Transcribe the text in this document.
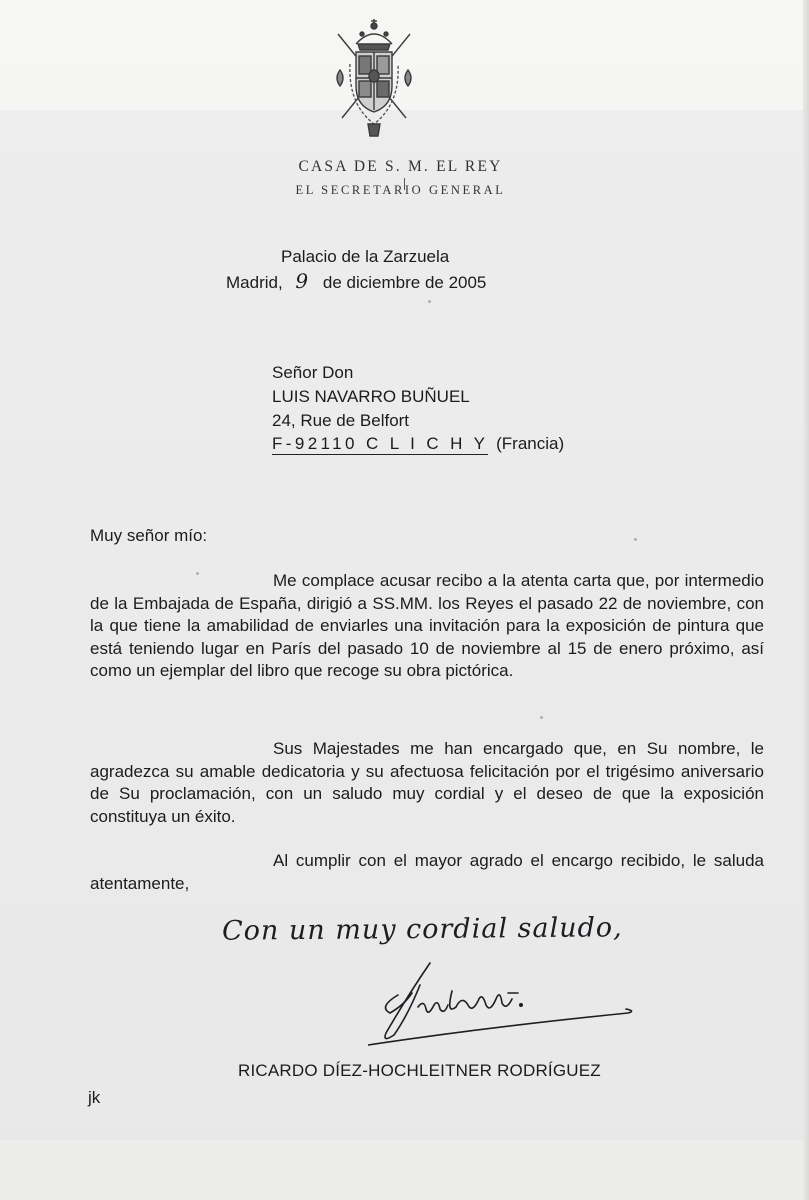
CASA DE S. M. EL REY
EL SECRETARIO GENERAL
Palacio de la Zarzuela
Madrid, 9 de diciembre de 2005
Señor Don
LUIS NAVARRO BUÑUEL
24, Rue de Belfort
F-92110 C L I C H Y (Francia)
Muy señor mío:
Me complace acusar recibo a la atenta carta que, por intermedio de la Embajada de España, dirigió a SS.MM. los Reyes el pasado 22 de noviembre, con la que tiene la amabilidad de enviarles una invitación para la exposición de pintura que está teniendo lugar en París del pasado 10 de noviembre al 15 de enero próximo, así como un ejemplar del libro que recoge su obra pictórica.
Sus Majestades me han encargado que, en Su nombre, le agradezca su amable dedicatoria y su afectuosa felicitación por el trigésimo aniversario de Su proclamación, con un saludo muy cordial y el deseo de que la exposición constituya un éxito.
Al cumplir con el mayor agrado el encargo recibido, le saluda atentamente,
Con un muy cordial saludo,
RICARDO DÍEZ-HOCHLEITNER RODRÍGUEZ
jk
